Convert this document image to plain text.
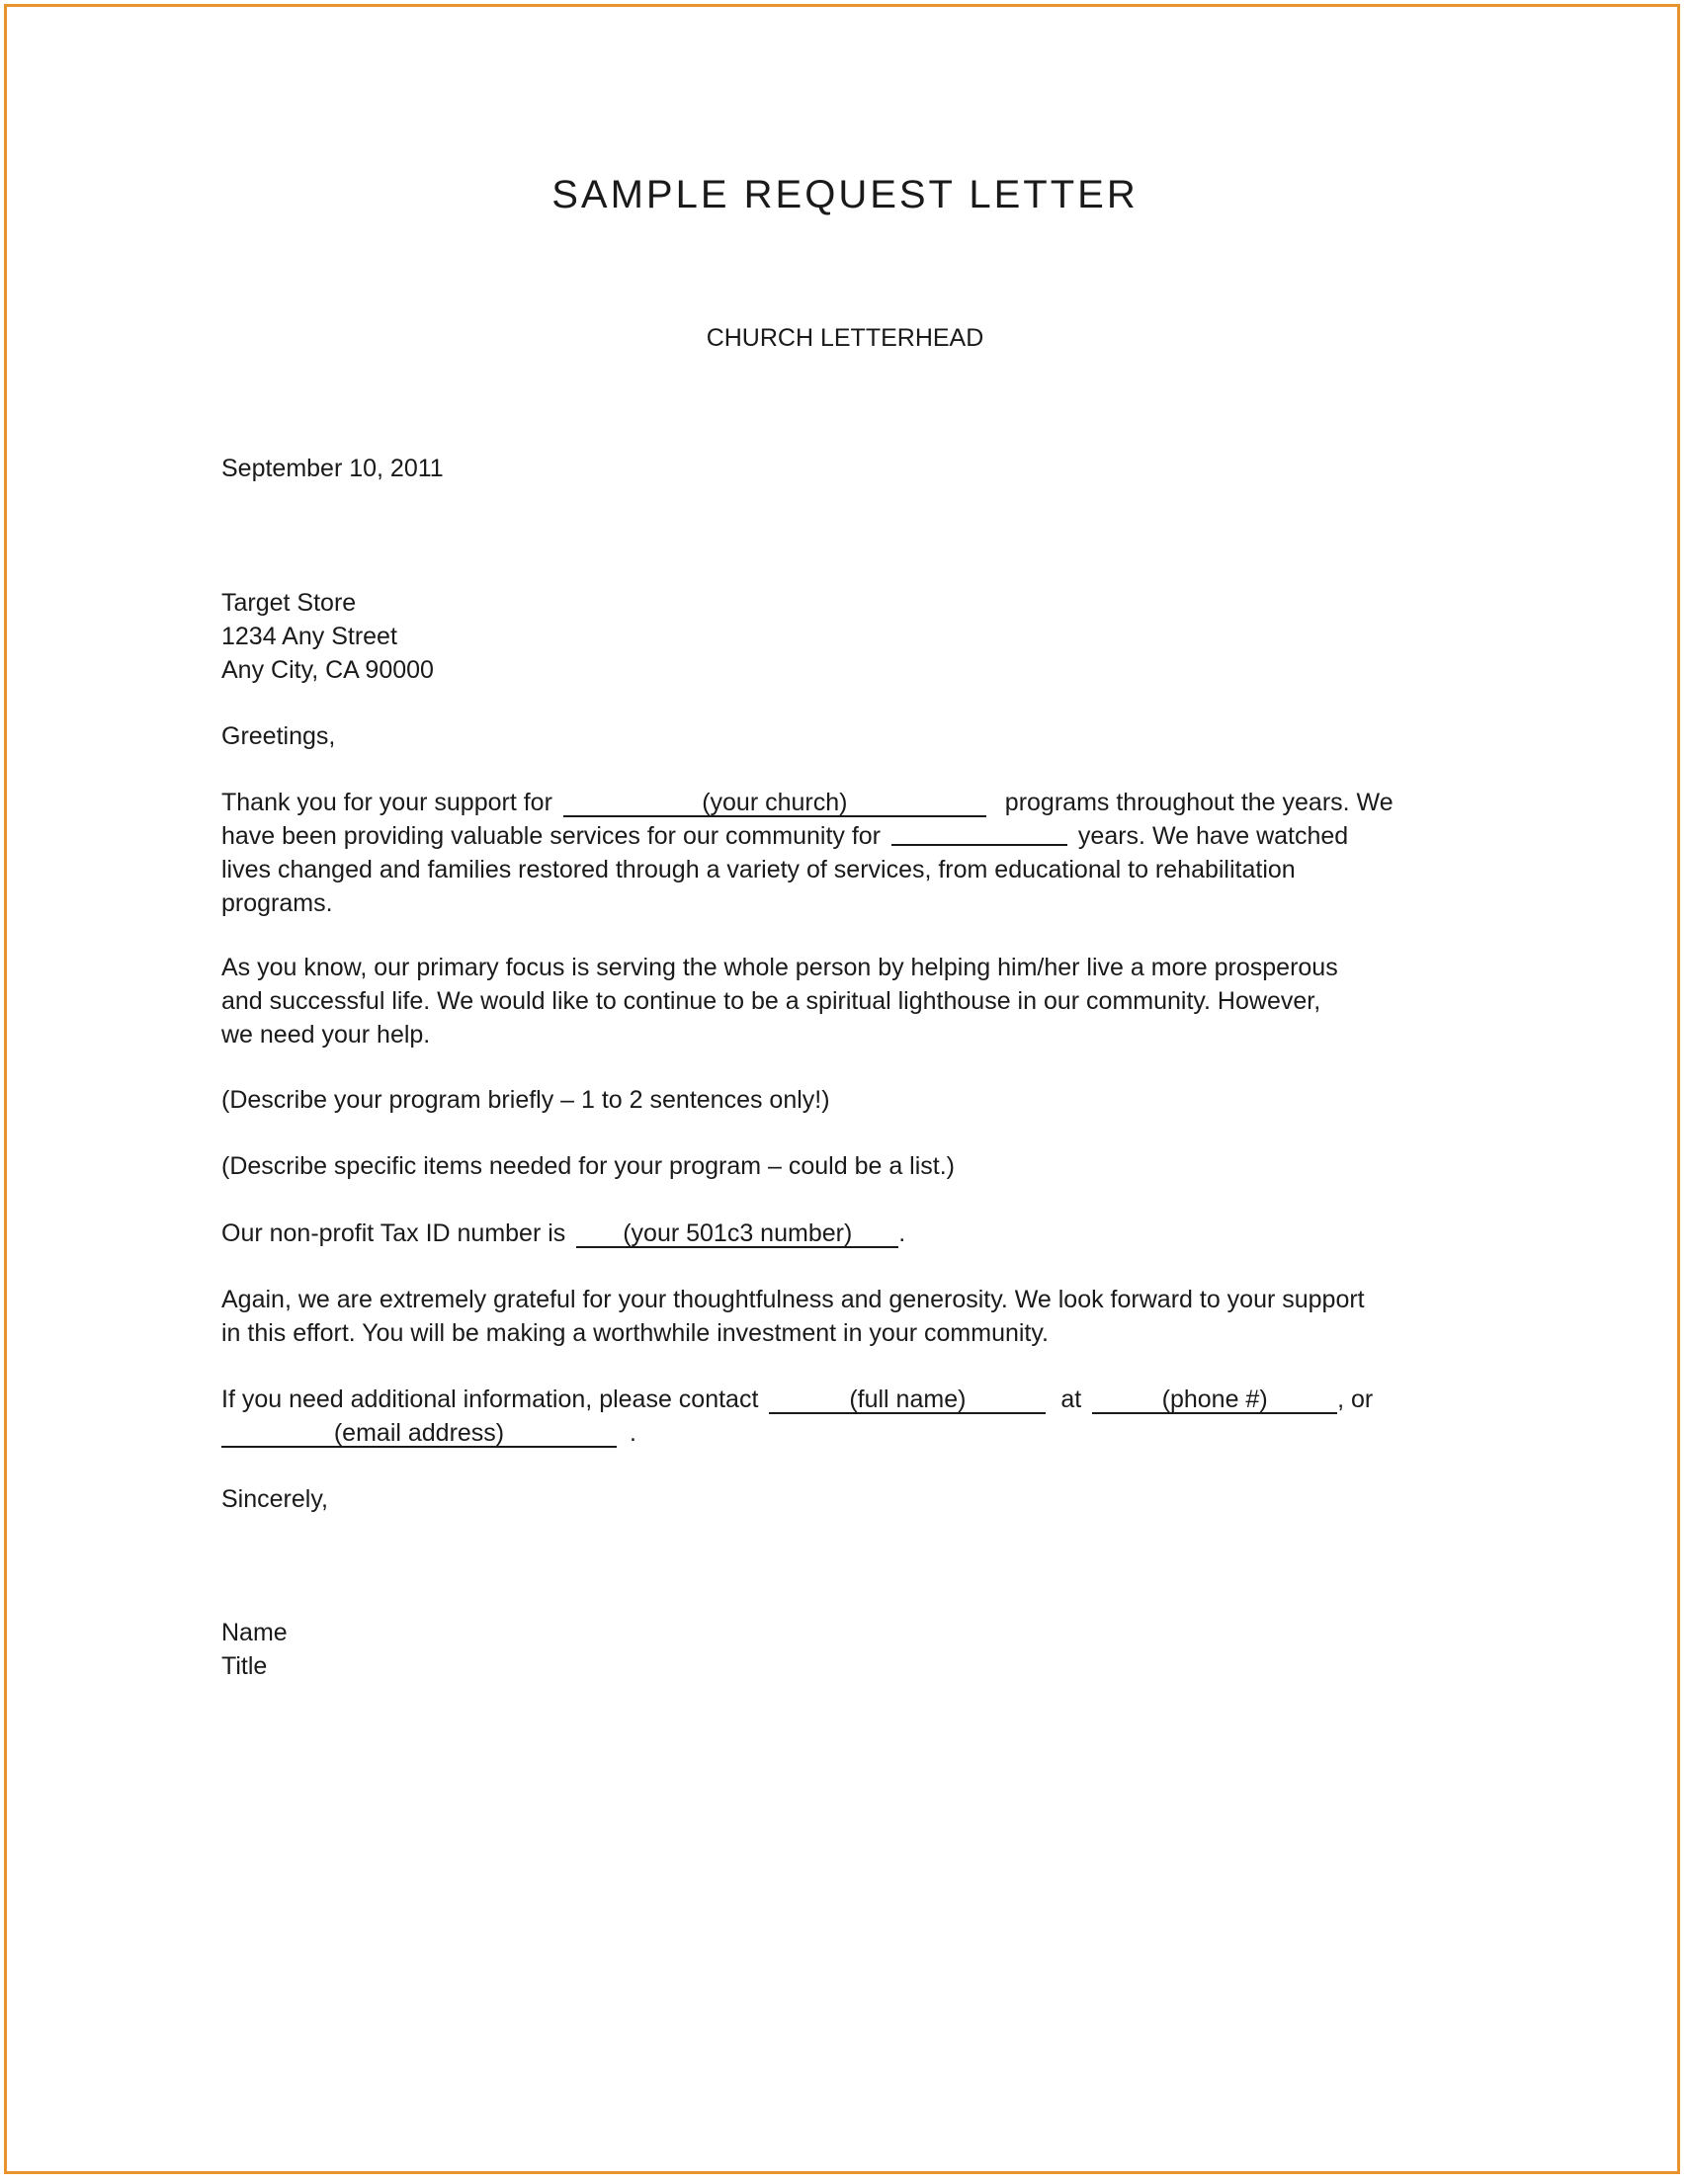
SAMPLE REQUEST LETTER
CHURCH LETTERHEAD
September 10, 2011
Target Store
1234 Any Street
Any City, CA 90000
Greetings,
Thank you for your support for	(your church)	programs throughout the years. We
have been providing valuable services for our community for	years. We have watched
lives changed and families restored through a variety of services, from educational to rehabilitation
programs.
As you know, our primary focus is serving the whole person by helping him/her live a more prosperous
and successful life. We would like to continue to be a spiritual lighthouse in our community. However,
we need your help.
(Describe your program briefly – 1 to 2 sentences only!)
(Describe specific items needed for your program – could be a list.)
Our non-profit Tax ID number is (your 501c3 number) .
Again, we are extremely grateful for your thoughtfulness and generosity. We look forward to your support
in this effort. You will be making a worthwhile investment in your community.
If you need additional information, please contact	(full name)	at	(phone #)	, or
(email address)	.
Sincerely,
Name
Title
